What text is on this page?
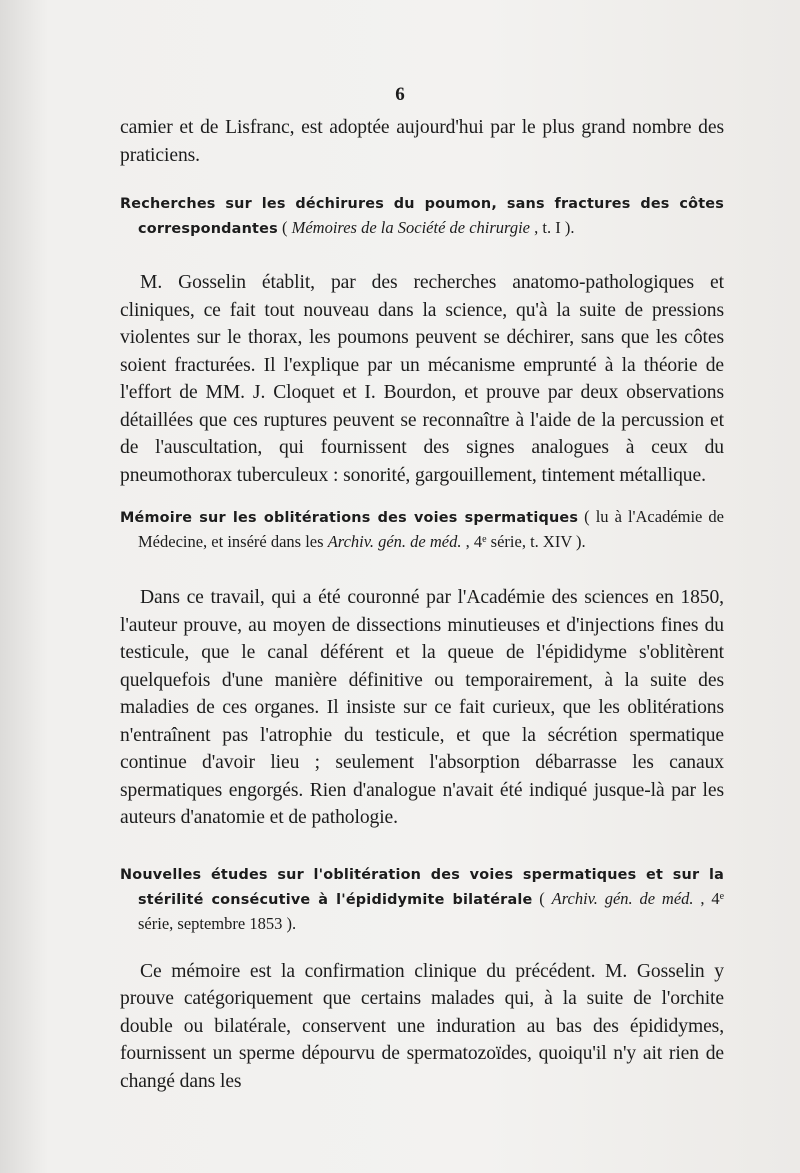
6

camier et de Lisfranc, est adoptée aujourd'hui par le plus grand nombre des praticiens.

Recherches sur les déchirures du poumon, sans fractures des côtes correspondantes ( Mémoires de la Société de chirurgie , t. I ).

M. Gosselin établit, par des recherches anatomo-pathologiques et cliniques, ce fait tout nouveau dans la science, qu'à la suite de pressions violentes sur le thorax, les poumons peuvent se déchirer, sans que les côtes soient fracturées. Il l'explique par un mécanisme emprunté à la théorie de l'effort de MM. J. Cloquet et I. Bourdon, et prouve par deux observations détaillées que ces ruptures peuvent se reconnaître à l'aide de la percussion et de l'auscultation, qui fournissent des signes analogues à ceux du pneumothorax tuberculeux : sonorité, gargouillement, tintement métallique.

Mémoire sur les oblitérations des voies spermatiques ( lu à l'Académie de Médecine, et inséré dans les Archiv. gén. de méd. , 4e série, t. XIV ).

Dans ce travail, qui a été couronné par l'Académie des sciences en 1850, l'auteur prouve, au moyen de dissections minutieuses et d'injections fines du testicule, que le canal déférent et la queue de l'épididyme s'oblitèrent quelquefois d'une manière définitive ou temporairement, à la suite des maladies de ces organes. Il insiste sur ce fait curieux, que les oblitérations n'entraînent pas l'atrophie du testicule, et que la sécrétion spermatique continue d'avoir lieu ; seulement l'absorption débarrasse les canaux spermatiques engorgés. Rien d'analogue n'avait été indiqué jusque-là par les auteurs d'anatomie et de pathologie.

Nouvelles études sur l'oblitération des voies spermatiques et sur la stérilité consécutive à l'épididymite bilatérale ( Archiv. gén. de méd. , 4e série, septembre 1853 ).

Ce mémoire est la confirmation clinique du précédent. M. Gosselin y prouve catégoriquement que certains malades qui, à la suite de l'orchite double ou bilatérale, conservent une induration au bas des épididymes, fournissent un sperme dépourvu de spermatozoïdes, quoiqu'il n'y ait rien de changé dans les
